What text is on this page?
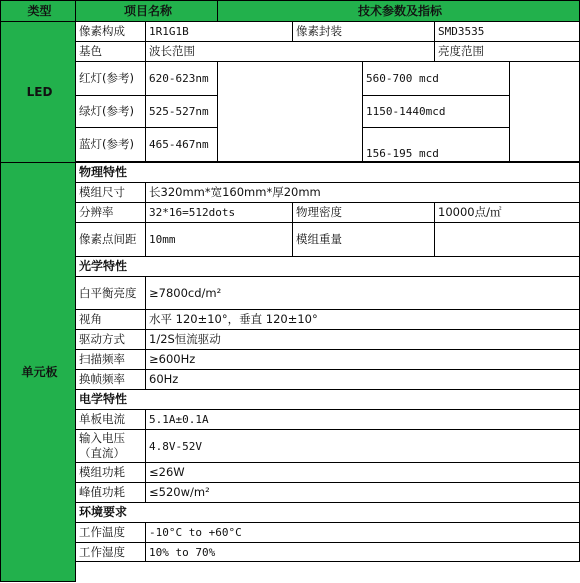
类型	项目名称		技术参数及指标				
LED	像素构成	1R1G1B		像素封装		SMD3535	
	基色	波长范围				亮度范围	
	红灯(参考)	620-623nm			560-700 mcd		
	绿灯(参考)	525-527nm			1150-1440mcd		
	蓝灯(参考)	465-467nm			156-195 mcd		

单元板	物理特性						
	模组尺寸	长320mm*宽160mm*厚20mm					
	分辨率	32*16=512dots		物理密度		10000点/㎡	
	像素点间距	10mm		模组重量			
	光学特性						
	白平衡亮度	≥7800cd/m²					
	视角	水平 120±10°，垂直 120±10°					
	驱动方式	1/2S恒流驱动					
	扫描频率	≥600Hz					
	换帧频率	60Hz					
	电学特性						
	单板电流	5.1A±0.1A					
	输入电压（直流）	4.8V-52V					
	模组功耗	≤26W					
	峰值功耗	≤520w/m²					
	环境要求						
	工作温度	-10°C to +60°C					
	工作湿度	10% to 70%					
